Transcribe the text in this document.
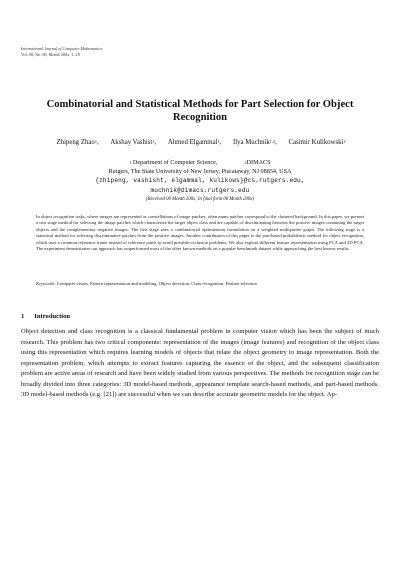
International Journal of Computer Mathematics
Vol. 00, No. 00, Month 200x, 1–18
Combinatorial and Statistical Methods for Part Selection for Object Recognition
Zhipeng Zhao$^1$, Akshay Vashist$^1$, Ahmed Elgammal$^1$, Ilya Muchnik$^{1,2}$, Casimir Kulikowski$^1$
$^1$ Department of Computer Science,	$^2$DIMACS
Rutgers, The State University of New Jersey, Piscataway, NJ 08854, USA
{zhipeng, vashisht, elgammal, kulikows}@cs.rutgers.edu,
muchnik@dimacs.rutgers.edu
(Received 00 Month 200x; In final form 00 Month 200x)
In object recognition tasks, where images are represented as constellations of image patches, often many patches correspond to the cluttered background. In this paper, we present a two stage method for selecting the image patches which characterize the target object class and are capable of discriminating between the positive images containing the target objects and the complementary negative images. The first stage uses a combinatorial optimization formulation on a weighted multipartite graph. The following stage is a statistical method for selecting discriminative patches from the positive images. Another contribution of this paper is the part-based probabilistic method for object recognition, which uses a common reference frame instead of reference patch to avoid possible occlusion problems. We also explore different feature representation using PCA and 2D PCA. The experiment demonstrates our approach has outperformed most of the other known methods on a popular benchmark dataset while approaching the best known results.
Keywords: Computer vision, Pattern representation and modeling, Object detection, Class recognition, Feature selection
1 Introduction
Object detection and class recognition is a classical fundamental problem in computer vision which has been the subject of much research. This problem has two critical components: representation of the images (image features) and recognition of the object class using this representation which requires learning models of objects that relate the object geometry to image representation. Both the representation problem, which attempts to extract features capturing the essence of the object, and the subsequent classification problem are active areas of research and have been widely studied from various perspectives. The methods for recognition stage can be broadly divided into three categories: 3D model-based methods, appearance template search-based methods, and part-based methods. 3D model-based methods (e.g. [21]) are successful when we can describe accurate geometric models for the object. Ap-
